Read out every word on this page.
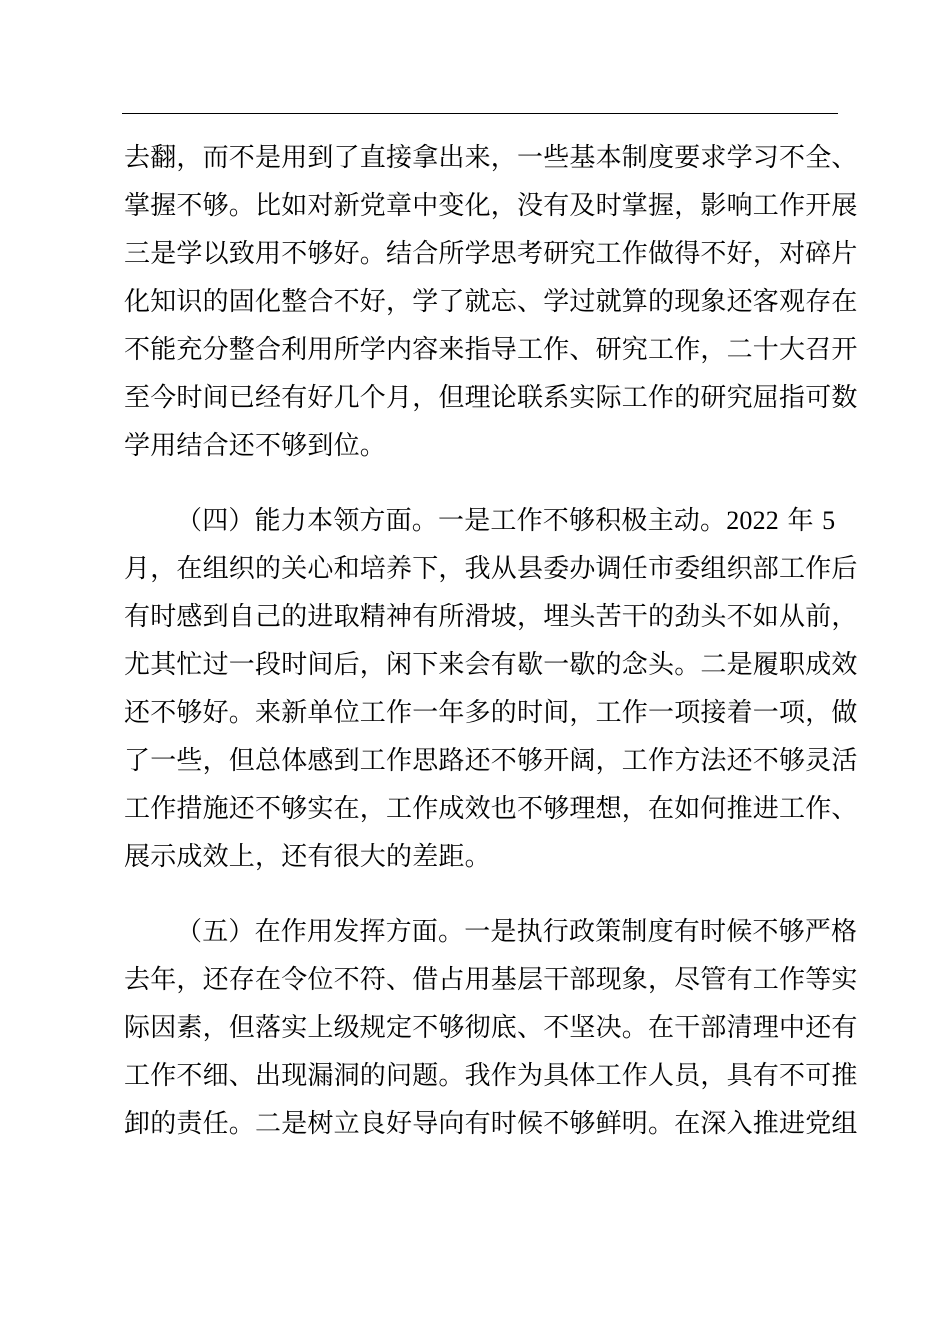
去翻，而不是用到了直接拿出来，一些基本制度要求学习不全、
掌握不够。比如对新党章中变化，没有及时掌握，影响工作开展
三是学以致用不够好。结合所学思考研究工作做得不好，对碎片
化知识的固化整合不好，学了就忘、学过就算的现象还客观存在
不能充分整合利用所学内容来指导工作、研究工作，二十大召开
至今时间已经有好几个月，但理论联系实际工作的研究屈指可数
学用结合还不够到位。
（四）能力本领方面。一是工作不够积极主动。2022 年 5
月，在组织的关心和培养下，我从县委办调任市委组织部工作后
有时感到自己的进取精神有所滑坡，埋头苦干的劲头不如从前，
尤其忙过一段时间后，闲下来会有歇一歇的念头。二是履职成效
还不够好。来新单位工作一年多的时间，工作一项接着一项，做
了一些，但总体感到工作思路还不够开阔，工作方法还不够灵活
工作措施还不够实在，工作成效也不够理想，在如何推进工作、
展示成效上，还有很大的差距。
（五）在作用发挥方面。一是执行政策制度有时候不够严格
去年，还存在令位不符、借占用基层干部现象，尽管有工作等实
际因素，但落实上级规定不够彻底、不坚决。在干部清理中还有
工作不细、出现漏洞的问题。我作为具体工作人员，具有不可推
卸的责任。二是树立良好导向有时候不够鲜明。在深入推进党组
